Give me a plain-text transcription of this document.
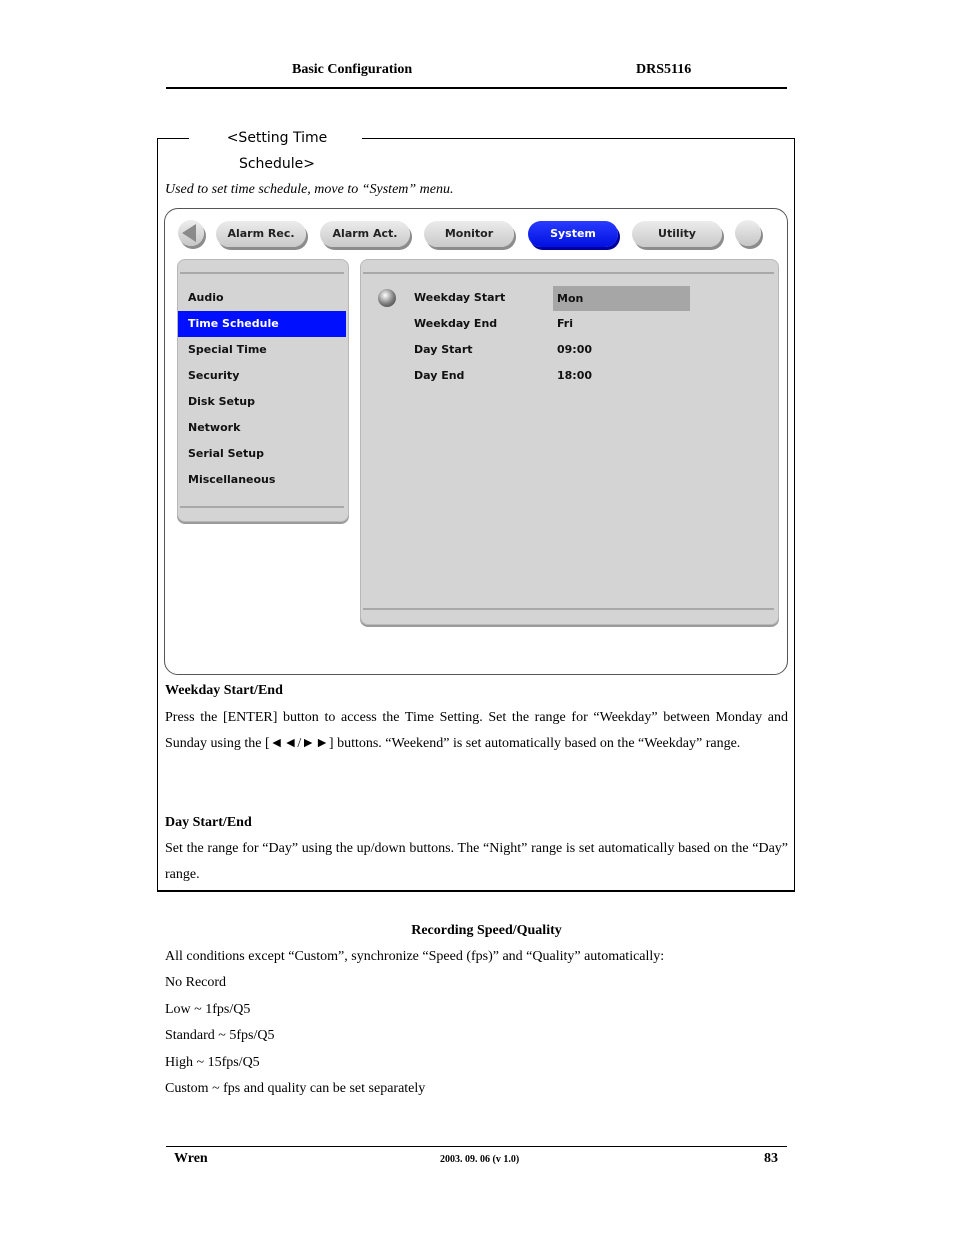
Basic Configuration	DRS5116
<Setting Time
Schedule>
Used to set time schedule, move to “System” menu.
Alarm Rec.	Alarm Act.	Monitor	System	Utility
Audio
Time Schedule
Special Time
Security
Disk Setup
Network
Serial Setup
Miscellaneous
Weekday Start	Mon
Weekday End	Fri
Day Start	09:00
Day End	18:00
Weekday Start/End
Press the [ENTER] button to access the Time Setting. Set the range for “Weekday” between Monday and Sunday using the [◄◄/►►] buttons. “Weekend” is set automatically based on the “Weekday” range.
Day Start/End
Set the range for “Day” using the up/down buttons. The “Night” range is set automatically based on the “Day” range.
Recording Speed/Quality
All conditions except “Custom”, synchronize “Speed (fps)” and “Quality” automatically:
No Record
Low ~ 1fps/Q5
Standard ~ 5fps/Q5
High ~ 15fps/Q5
Custom ~ fps and quality can be set separately
Wren	2003. 09. 06 (v 1.0)	83
